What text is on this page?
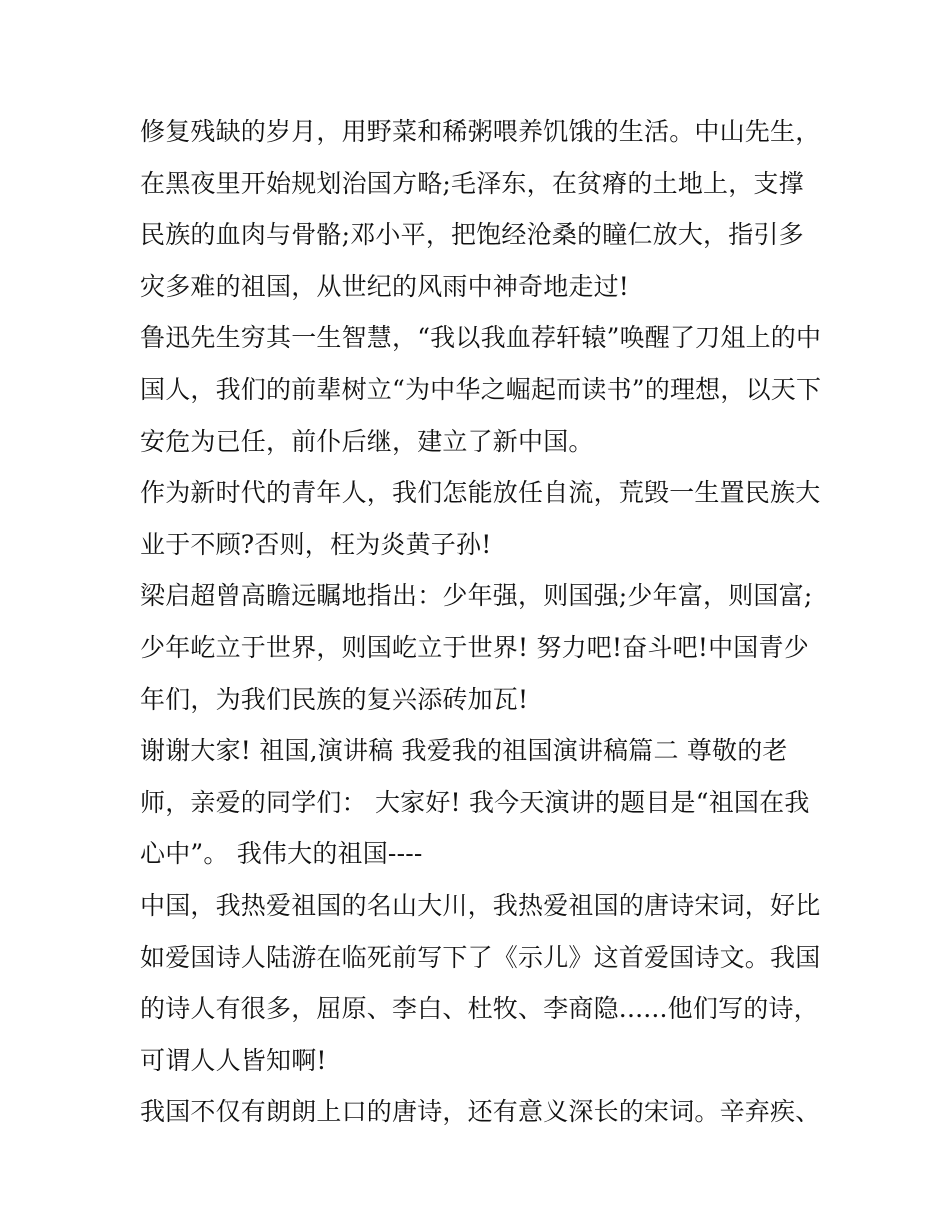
修复残缺的岁月，用野菜和稀粥喂养饥饿的生活。中山先生，
在黑夜里开始规划治国方略;毛泽东，在贫瘠的土地上，支撑
民族的血肉与骨骼;邓小平，把饱经沧桑的瞳仁放大，指引多
灾多难的祖国，从世纪的风雨中神奇地走过!
鲁迅先生穷其一生智慧，“我以我血荐轩辕”唤醒了刀俎上的中
国人，我们的前辈树立“为中华之崛起而读书”的理想，以天下
安危为已任，前仆后继，建立了新中国。
作为新时代的青年人，我们怎能放任自流，荒毁一生置民族大
业于不顾?否则，枉为炎黄子孙!
梁启超曾高瞻远瞩地指出：少年强，则国强;少年富，则国富;
少年屹立于世界，则国屹立于世界! 努力吧!奋斗吧!中国青少
年们，为我们民族的复兴添砖加瓦!
谢谢大家! 祖国,演讲稿 我爱我的祖国演讲稿篇二 尊敬的老
师，亲爱的同学们： 大家好! 我今天演讲的题目是“祖国在我
心中”。 我伟大的祖国----
中国，我热爱祖国的名山大川，我热爱祖国的唐诗宋词，好比
如爱国诗人陆游在临死前写下了《示儿》这首爱国诗文。我国
的诗人有很多，屈原、李白、杜牧、李商隐......他们写的诗，
可谓人人皆知啊!
我国不仅有朗朗上口的唐诗，还有意义深长的宋词。辛弃疾、
